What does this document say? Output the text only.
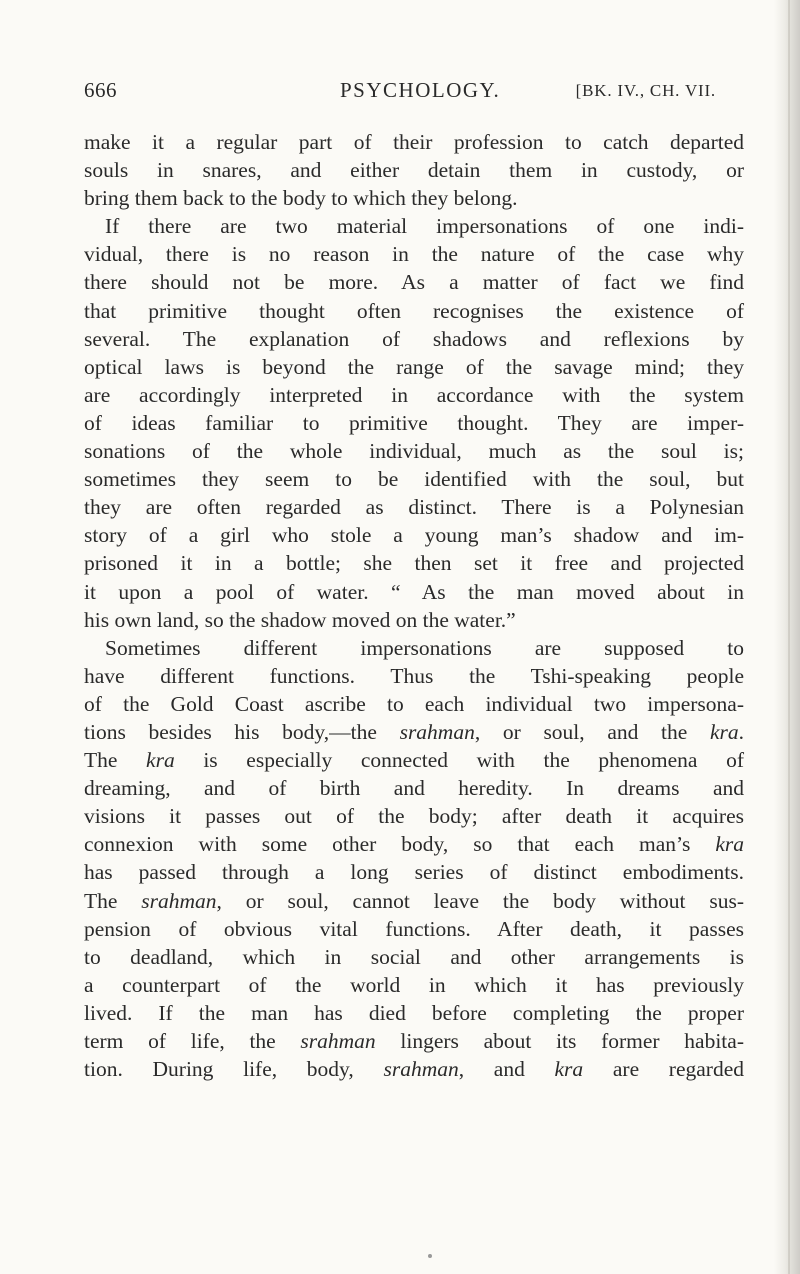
666	PSYCHOLOGY.	[BK. IV., CH. VII.
make it a regular part of their profession to catch departed
souls in snares, and either detain them in custody, or
bring them back to the body to which they belong.
If there are two material impersonations of one indi-
vidual, there is no reason in the nature of the case why
there should not be more. As a matter of fact we find
that primitive thought often recognises the existence of
several. The explanation of shadows and reflexions by
optical laws is beyond the range of the savage mind; they
are accordingly interpreted in accordance with the system
of ideas familiar to primitive thought. They are imper-
sonations of the whole individual, much as the soul is;
sometimes they seem to be identified with the soul, but
they are often regarded as distinct. There is a Polynesian
story of a girl who stole a young man’s shadow and im-
prisoned it in a bottle; she then set it free and projected
it upon a pool of water. “ As the man moved about in
his own land, so the shadow moved on the water.”
Sometimes different impersonations are supposed to
have different functions. Thus the Tshi-speaking people
of the Gold Coast ascribe to each individual two impersona-
tions besides his body,—the srahman, or soul, and the kra.
The kra is especially connected with the phenomena of
dreaming, and of birth and heredity. In dreams and
visions it passes out of the body; after death it acquires
connexion with some other body, so that each man’s kra
has passed through a long series of distinct embodiments.
The srahman, or soul, cannot leave the body without sus-
pension of obvious vital functions. After death, it passes
to deadland, which in social and other arrangements is
a counterpart of the world in which it has previously
lived. If the man has died before completing the proper
term of life, the srahman lingers about its former habita-
tion. During life, body, srahman, and kra are regarded
